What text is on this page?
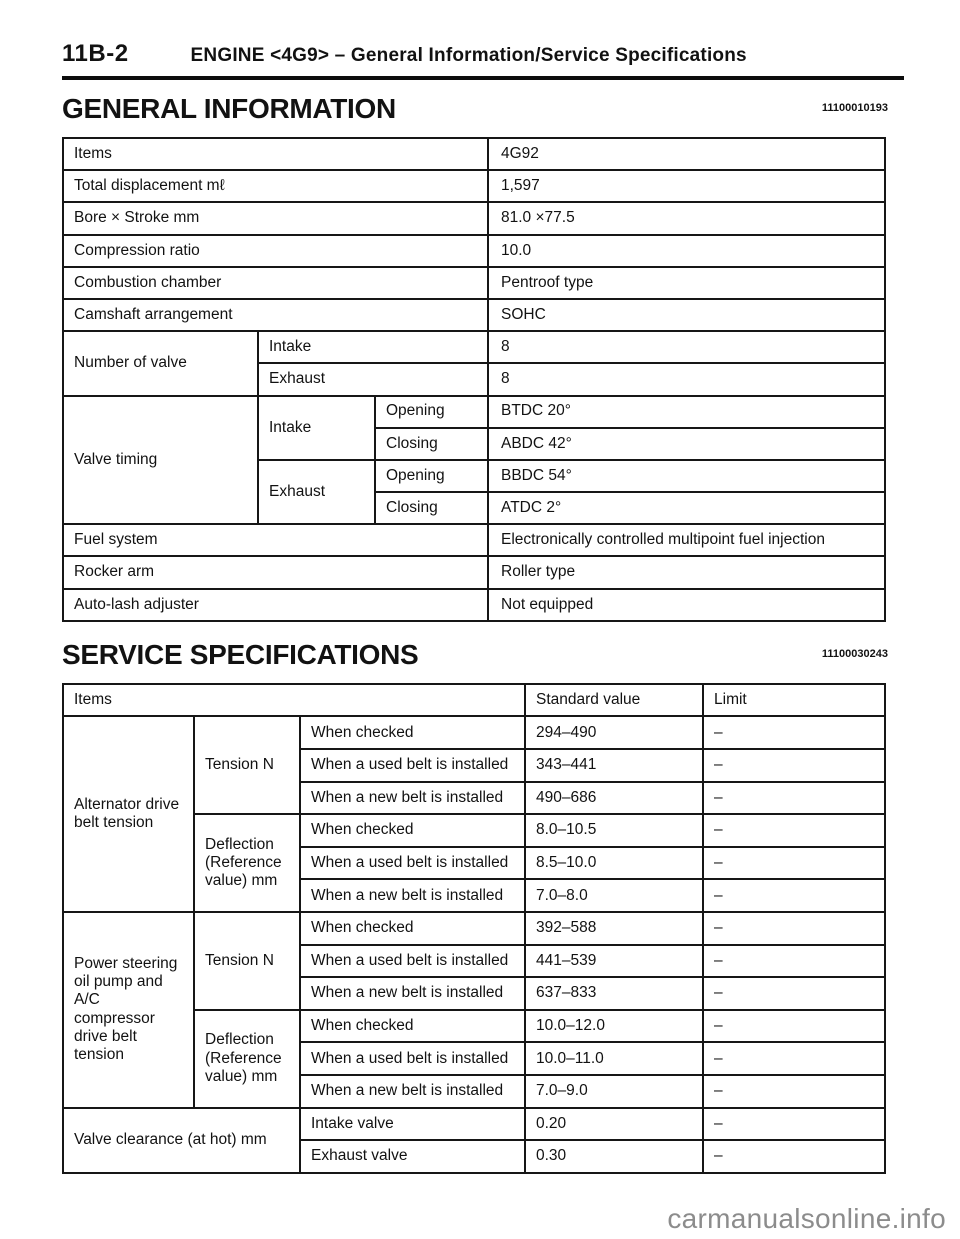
11B-2	ENGINE <4G9> – General Information/Service Specifications
GENERAL INFORMATION	11100010193
Items			4G92
Total displacement mℓ			1,597
Bore × Stroke mm			81.0 ×77.5
Compression ratio			10.0
Combustion chamber			Pentroof type
Camshaft arrangement			SOHC
Number of valve	Intake		8
	Exhaust		8
Valve timing	Intake	Opening	BTDC 20°
		Closing	ABDC 42°
	Exhaust	Opening	BBDC 54°
		Closing	ATDC 2°
Fuel system			Electronically controlled multipoint fuel injection
Rocker arm			Roller type
Auto-lash adjuster			Not equipped
SERVICE SPECIFICATIONS	11100030243
Items			Standard value	Limit
Alternator drive belt tension	Tension N	When checked	294–490	–
		When a used belt is installed	343–441	–
		When a new belt is installed	490–686	–
	Deflection (Reference value) mm	When checked	8.0–10.5	–
		When a used belt is installed	8.5–10.0	–
		When a new belt is installed	7.0–8.0	–
Power steering oil pump and A/C compressor drive belt tension	Tension N	When checked	392–588	–
		When a used belt is installed	441–539	–
		When a new belt is installed	637–833	–
	Deflection (Reference value) mm	When checked	10.0–12.0	–
		When a used belt is installed	10.0–11.0	–
		When a new belt is installed	7.0–9.0	–
Valve clearance (at hot) mm		Intake valve	0.20	–
		Exhaust valve	0.30	–
carmanualsonline.info
